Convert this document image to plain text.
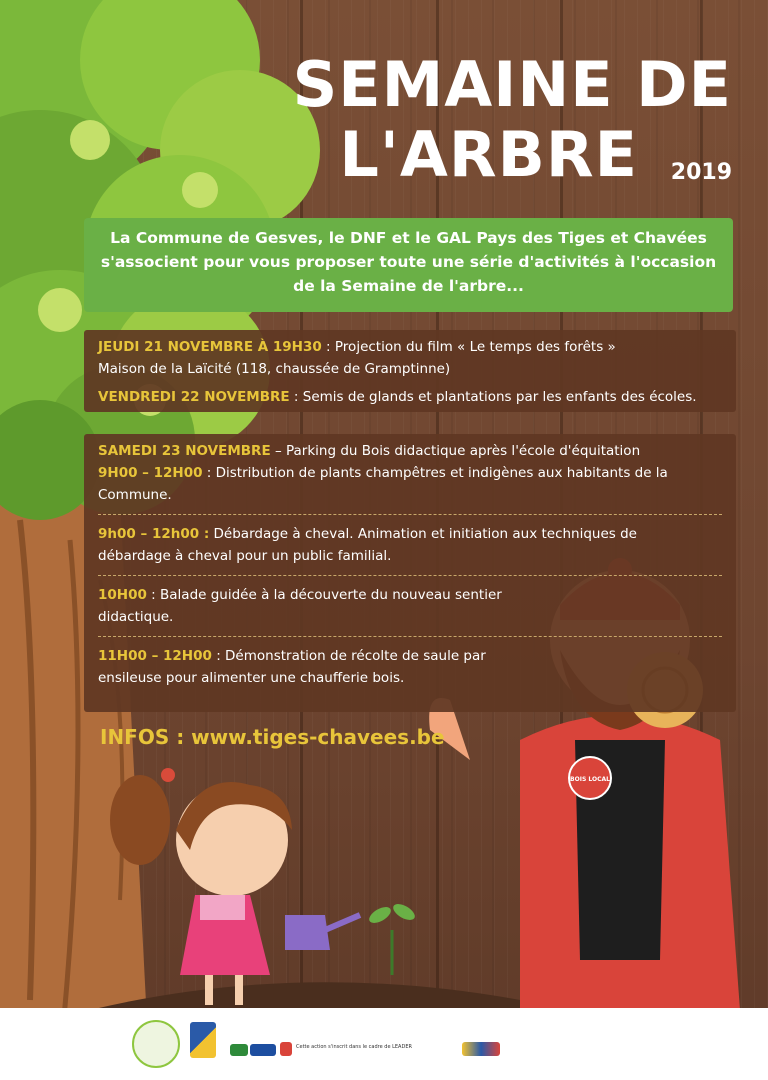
SEMAINE DE
L'ARBRE 2019
La Commune de Gesves, le DNF et le GAL Pays des Tiges et Chavées s'associent pour vous proposer toute une série d'activités à l'occasion de la Semaine de l'arbre...
JEUDI 21 NOVEMBRE À 19H30 : Projection du film « Le temps des forêts »
Maison de la Laïcité (118, chaussée de Gramptinne)
VENDREDI 22 NOVEMBRE : Semis de glands et plantations par les enfants des écoles.
SAMEDI 23 NOVEMBRE – Parking du Bois didactique après l'école d'équitation
9H00 – 12H00 : Distribution de plants champêtres et indigènes aux habitants de la Commune.
9h00 – 12h00 : Débardage à cheval. Animation et initiation aux techniques de débardage à cheval pour un public familial.
10H00 : Balade guidée à la découverte du nouveau sentier didactique.
11H00 – 12H00 : Démonstration de récolte de saule par ensileuse pour alimenter une chaufferie bois.
INFOS : www.tiges-chavees.be
BOIS LOCAL
Cette action s'inscrit dans le cadre de LEADER
